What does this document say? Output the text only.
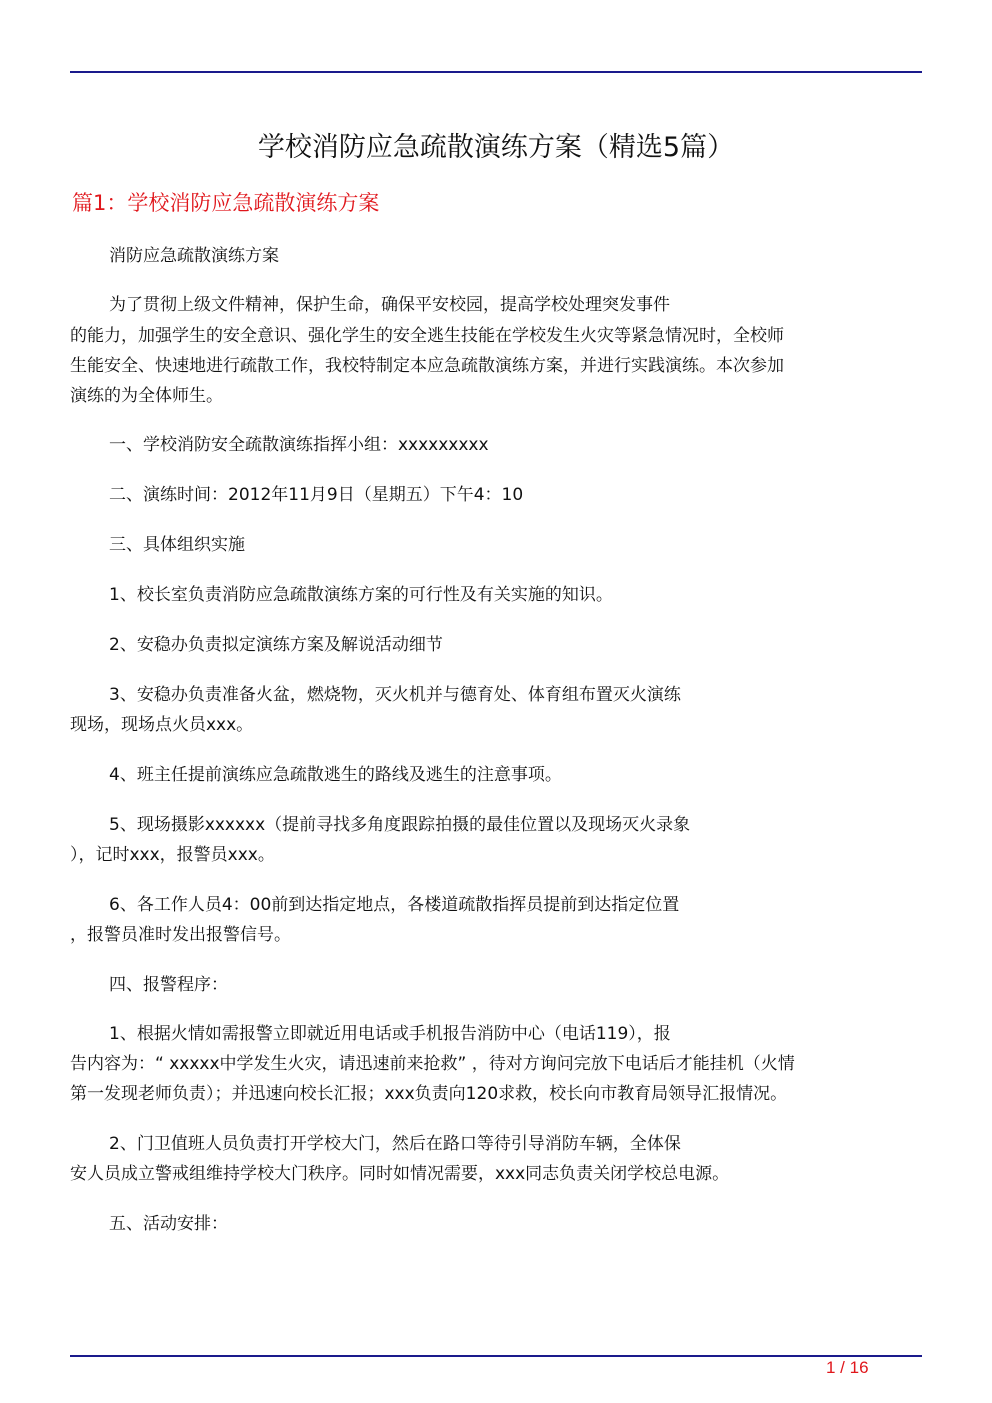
学校消防应急疏散演练方案（精选5篇）
篇1：学校消防应急疏散演练方案
消防应急疏散演练方案
为了贯彻上级文件精神，保护生命，确保平安校园，提高学校处理突发事件
的能力，加强学生的安全意识、强化学生的安全逃生技能在学校发生火灾等紧急情况时，全校师
生能安全、快速地进行疏散工作，我校特制定本应急疏散演练方案，并进行实践演练。本次参加
演练的为全体师生。
一、学校消防安全疏散演练指挥小组：xxxxxxxxx
二、演练时间：2012年11月9日（星期五）下午4：10
三、具体组织实施
1、校长室负责消防应急疏散演练方案的可行性及有关实施的知识。
2、安稳办负责拟定演练方案及解说活动细节
3、安稳办负责准备火盆，燃烧物，灭火机并与德育处、体育组布置灭火演练
现场，现场点火员xxx。
4、班主任提前演练应急疏散逃生的路线及逃生的注意事项。
5、现场摄影xxxxxx（提前寻找多角度跟踪拍摄的最佳位置以及现场灭火录象
），记时xxx，报警员xxx。
6、各工作人员4：00前到达指定地点，各楼道疏散指挥员提前到达指定位置
，报警员准时发出报警信号。
四、报警程序：
1、根据火情如需报警立即就近用电话或手机报告消防中心（电话119），报
告内容为：“ xxxxx中学发生火灾，请迅速前来抢救” ，待对方询问完放下电话后才能挂机（火情
第一发现老师负责）；并迅速向校长汇报；xxx负责向120求救，校长向市教育局领导汇报情况。
2、门卫值班人员负责打开学校大门，然后在路口等待引导消防车辆，全体保
安人员成立警戒组维持学校大门秩序。同时如情况需要，xxx同志负责关闭学校总电源。
五、活动安排：
1 / 16
